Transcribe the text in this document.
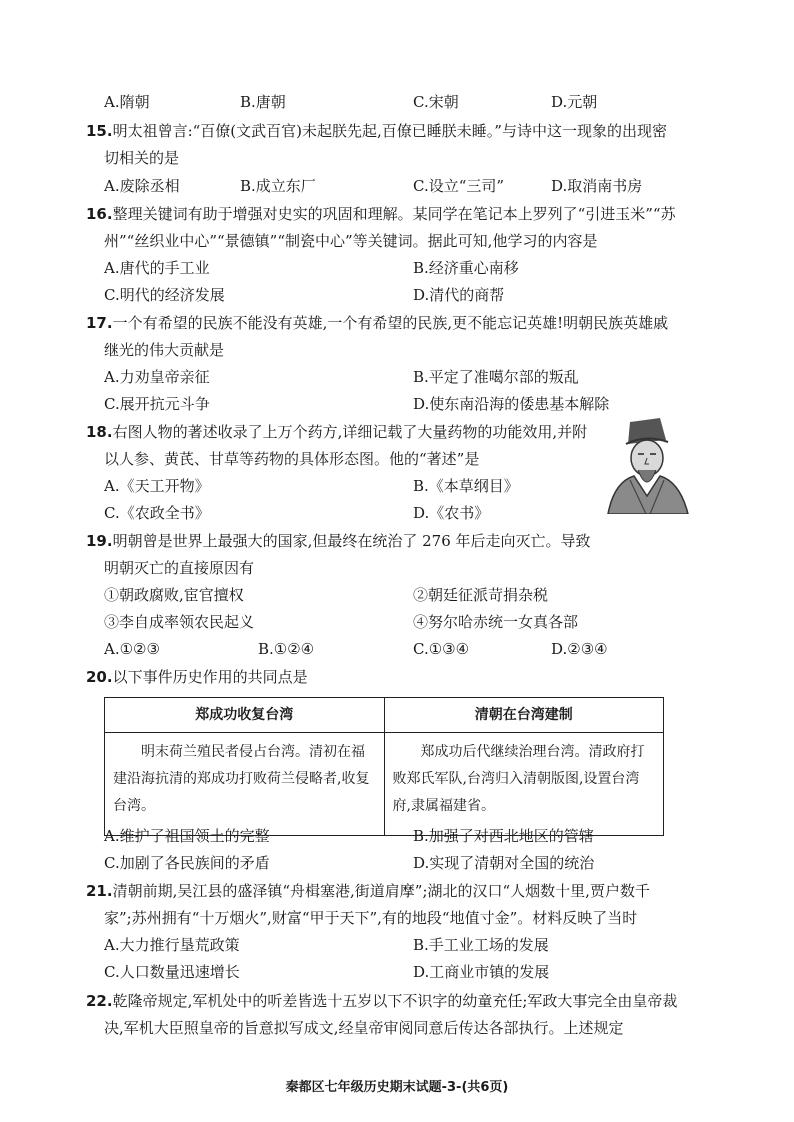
A.隋朝	B.唐朝	C.宋朝	D.元朝
15.明太祖曾言:“百僚(文武百官)未起朕先起,百僚已睡朕未睡。”与诗中这一现象的出现密
切相关的是
A.废除丞相	B.成立东厂	C.设立“三司”	D.取消南书房
16.整理关键词有助于增强对史实的巩固和理解。某同学在笔记本上罗列了“引进玉米”“苏
州”“丝织业中心”“景德镇”“制瓷中心”等关键词。据此可知,他学习的内容是
A.唐代的手工业	B.经济重心南移
C.明代的经济发展	D.清代的商帮
17.一个有希望的民族不能没有英雄,一个有希望的民族,更不能忘记英雄!明朝民族英雄戚
继光的伟大贡献是
A.力劝皇帝亲征	B.平定了准噶尔部的叛乱
C.展开抗元斗争	D.使东南沿海的倭患基本解除
18.右图人物的著述收录了上万个药方,详细记载了大量药物的功能效用,并附
以人参、黄芪、甘草等药物的具体形态图。他的“著述”是
A.《天工开物》	B.《本草纲目》
C.《农政全书》	D.《农书》
19.明朝曾是世界上最强大的国家,但最终在统治了 276 年后走向灭亡。导致
明朝灭亡的直接原因有
①朝政腐败,宦官擅权	②朝廷征派苛捐杂税
③李自成率领农民起义	④努尔哈赤统一女真各部
A.①②③	B.①②④	C.①③④	D.②③④
20.以下事件历史作用的共同点是
郑成功收复台湾	清朝在台湾建制
明末荷兰殖民者侵占台湾。清初在福建沿海抗清的郑成功打败荷兰侵略者,收复台湾。	郑成功后代继续治理台湾。清政府打败郑氏军队,台湾归入清朝版图,设置台湾府,隶属福建省。
A.维护了祖国领土的完整	B.加强了对西北地区的管辖
C.加剧了各民族间的矛盾	D.实现了清朝对全国的统治
21.清朝前期,吴江县的盛泽镇“舟楫塞港,街道肩摩”;湖北的汉口“人烟数十里,贾户数千
家”;苏州拥有“十万烟火”,财富“甲于天下”,有的地段“地值寸金”。材料反映了当时
A.大力推行垦荒政策	B.手工业工场的发展
C.人口数量迅速增长	D.工商业市镇的发展
22.乾隆帝规定,军机处中的听差皆选十五岁以下不识字的幼童充任;军政大事完全由皇帝裁
决,军机大臣照皇帝的旨意拟写成文,经皇帝审阅同意后传达各部执行。上述规定
秦都区七年级历史期末试题-3-(共6页)
